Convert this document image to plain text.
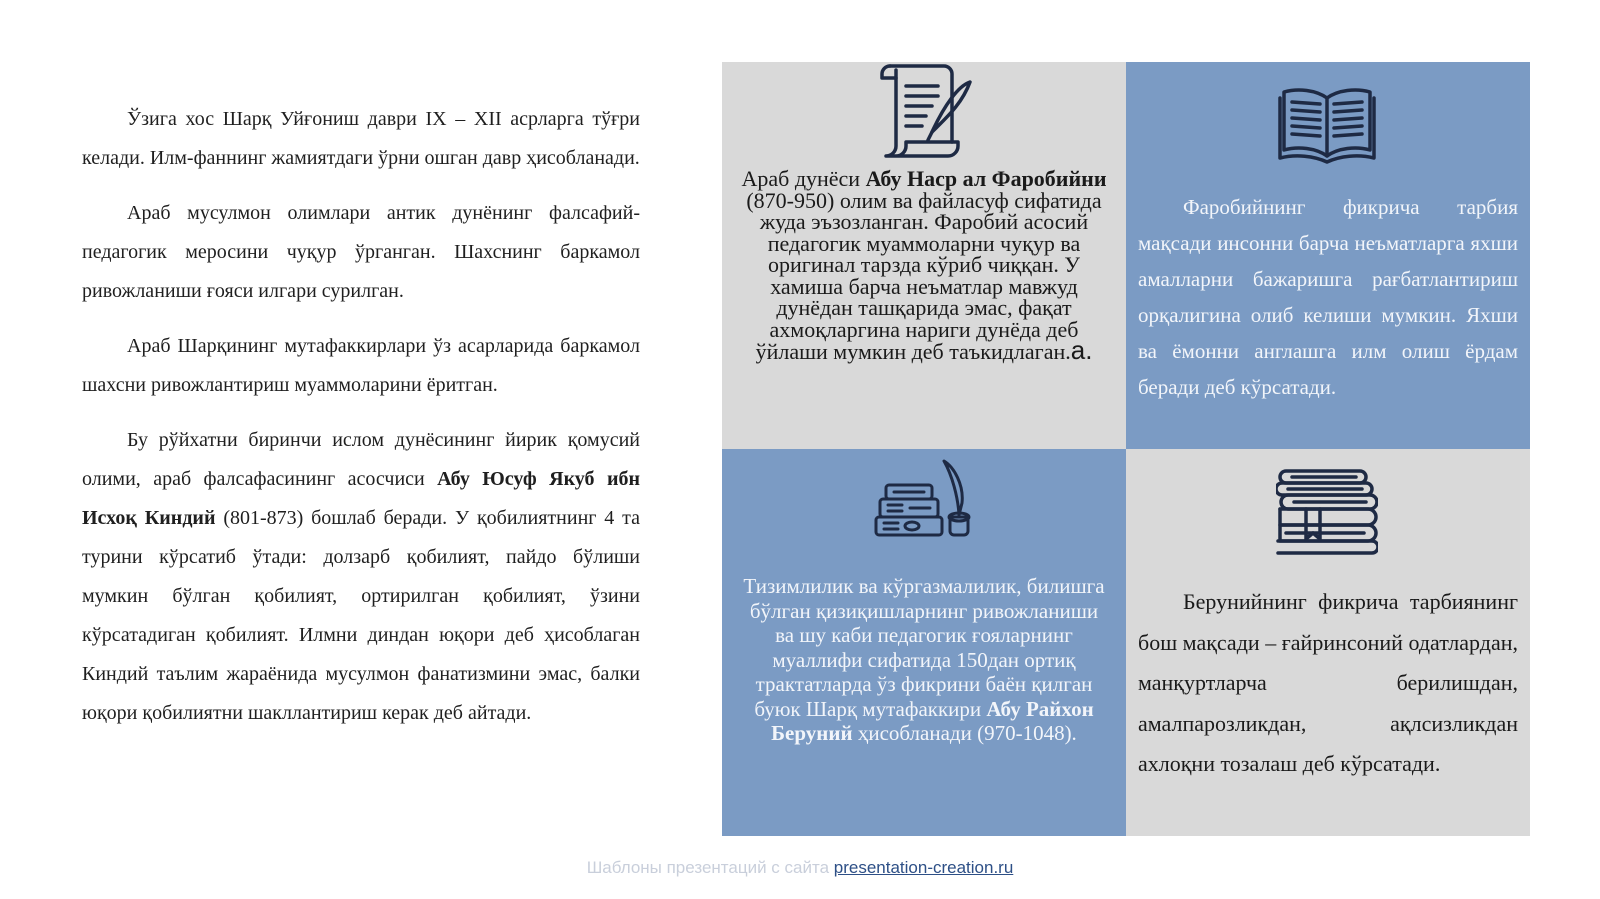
Ўзига хос Шарқ Уйғониш даври IX – XII асрларга тўғри келади. Илм-фаннинг жамиятдаги ўрни ошган давр ҳисобланади.

Араб мусулмон олимлари антик дунёнинг фалсафий-педагогик меросини чуқур ўрганган. Шахснинг баркамол ривожланиши ғояси илгари сурилган.

Араб Шарқининг мутафаккирлари ўз асарларида баркамол шахсни ривожлантириш муаммоларини ёритган.

Бу рўйхатни биринчи ислом дунёсининг йирик қомусий олими, араб фалсафасининг асосчиси Абу Юсуф Якуб ибн Исхоқ Киндий (801-873) бошлаб беради. У қобилиятнинг 4 та турини кўрсатиб ўтади: долзарб қобилият, пайдо бўлиши мумкин бўлган қобилият, ортирилган қобилият, ўзини кўрсатадиган қобилият. Илмни диндан юқори деб ҳисоблаган Киндий таълим жараёнида мусулмон фанатизмини эмас, балки юқори қобилиятни шакллантириш керак деб айтади.

Араб дунёси Абу Наср ал Фаробийни (870-950) олим ва файласуф сифатида жуда эъзозланган. Фаробий асосий педагогик муаммоларни чуқур ва оригинал тарзда кўриб чиққан. У хамиша барча неъматлар мавжуд дунёдан ташқарида эмас, фақат ахмоқларгина нариги дунёда деб ўйлаши мумкин деб таъкидлаган.а.
Фаробийнинг фикрича тарбия мақсади инсонни барча неъматларга яхши амалларни бажаришга рағбатлантириш орқалигина олиб келиши мумкин. Яхши ва ёмонни англашга илм олиш ёрдам беради деб кўрсатади.
Тизимлилик ва кўргазмалилик, билишга бўлган қизиқишларнинг ривожланиши ва шу каби педагогик ғояларнинг муаллифи сифатида 150дан ортиқ трактатларда ўз фикрини баён қилган буюк Шарқ мутафаккири Абу Райхон Беруний ҳисобланади (970-1048).
Берунийнинг фикрича тарбиянинг бош мақсади – ғайринсоний одатлардан, манқуртларча берилишдан, амалпарозликдан, ақлсизликдан ахлоқни тозалаш деб кўрсатади.
Шаблоны презентаций с сайта presentation-creation.ru
